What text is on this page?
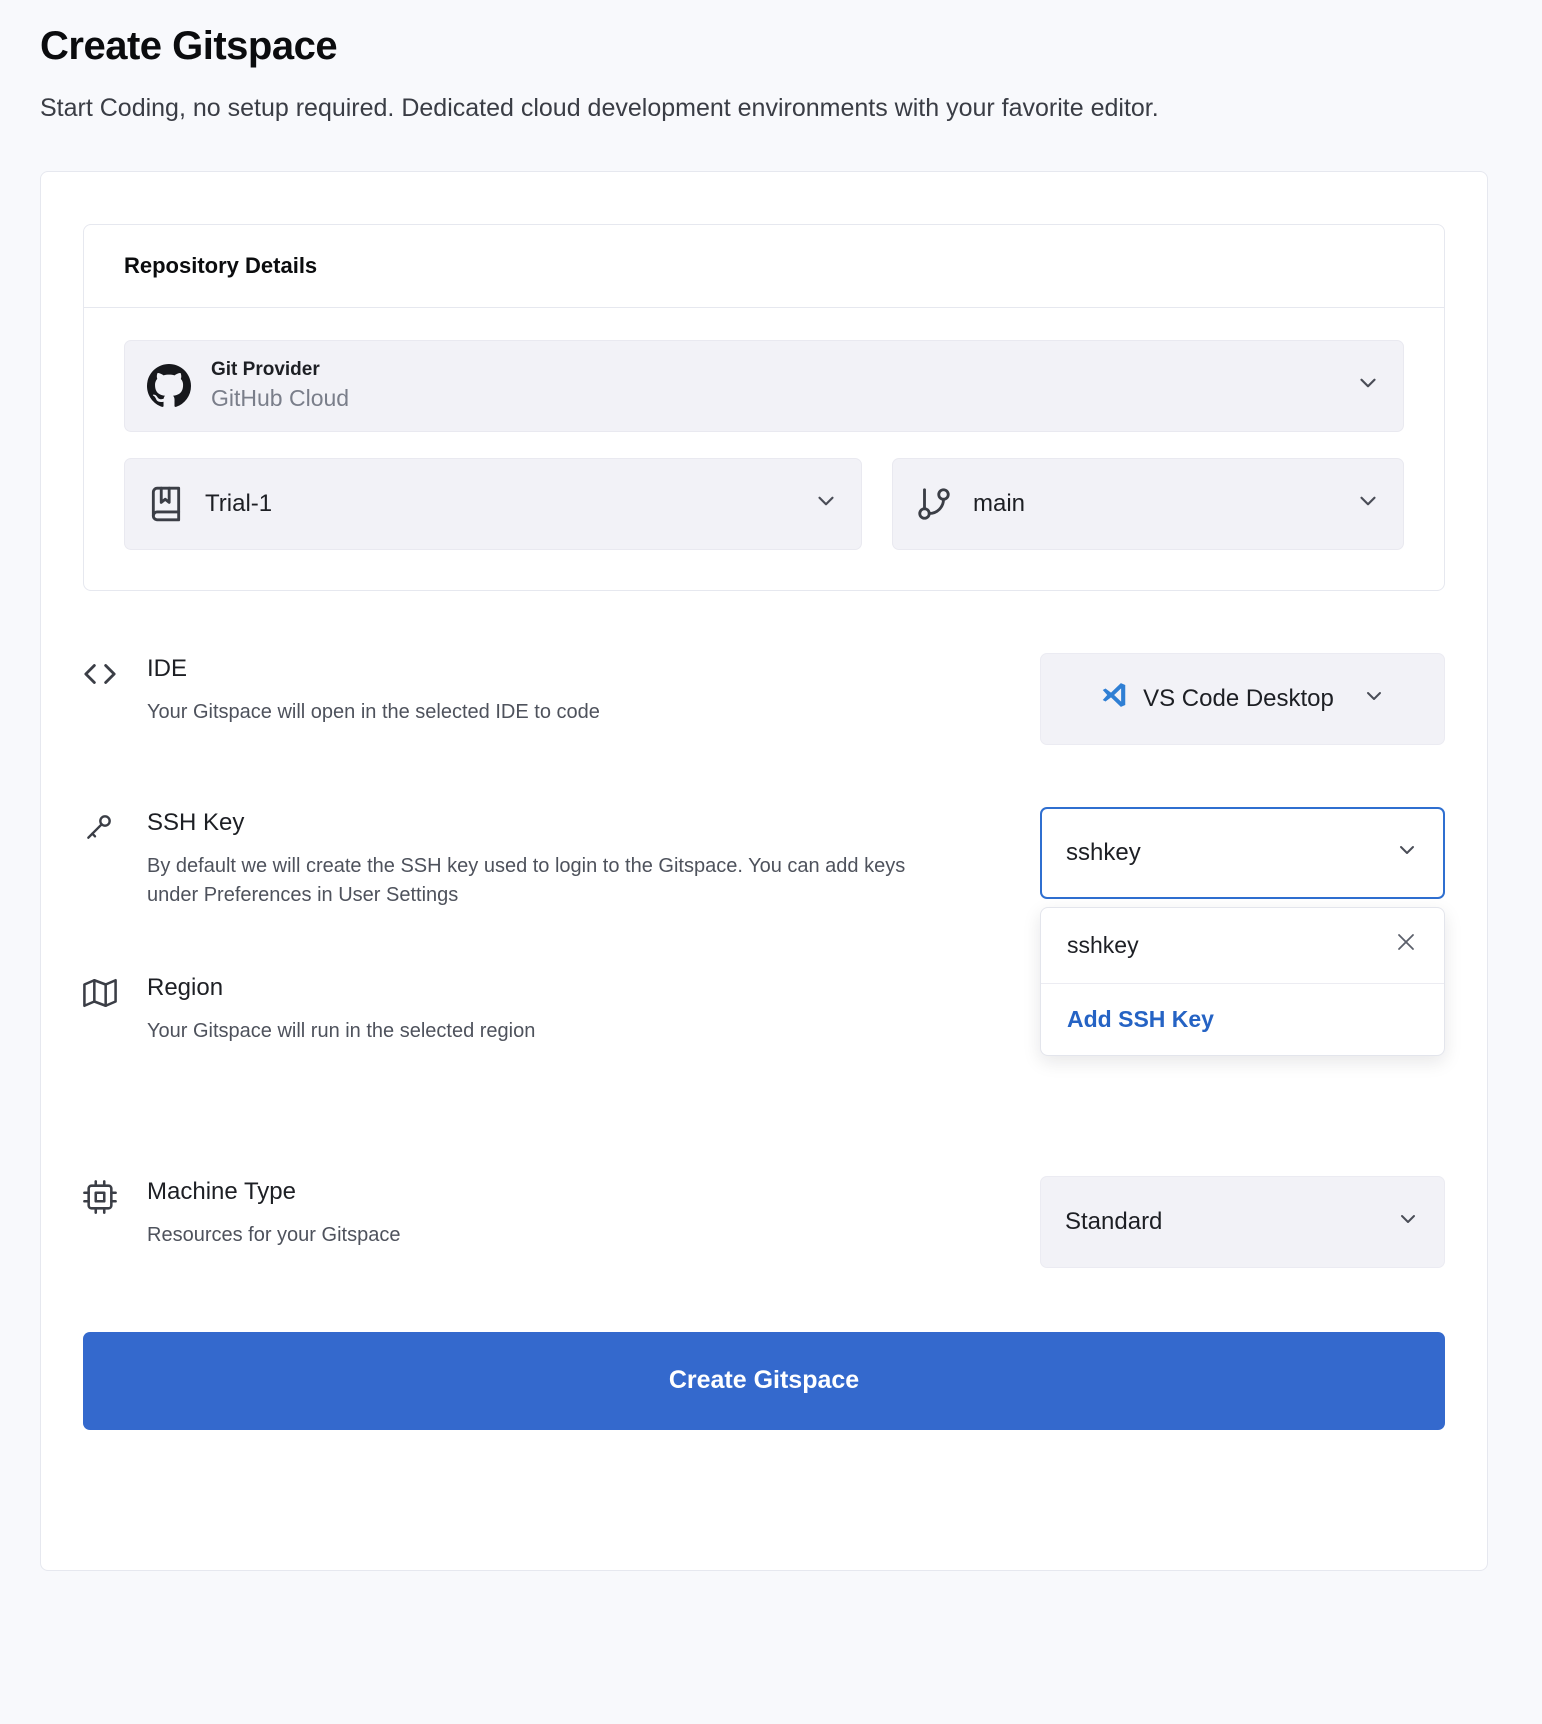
Create Gitspace

Start Coding, no setup required. Dedicated cloud development environments with your favorite editor.

Repository Details
Git Provider
GitHub Cloud
Trial-1	main
IDE
Your Gitspace will open in the selected IDE to code
VS Code Desktop
SSH Key
By default we will create the SSH key used to login to the Gitspace. You can add keys under Preferences in User Settings
sshkey
sshkey
Add SSH Key
Region
Your Gitspace will run in the selected region
Machine Type
Resources for your Gitspace
Standard
Create Gitspace
